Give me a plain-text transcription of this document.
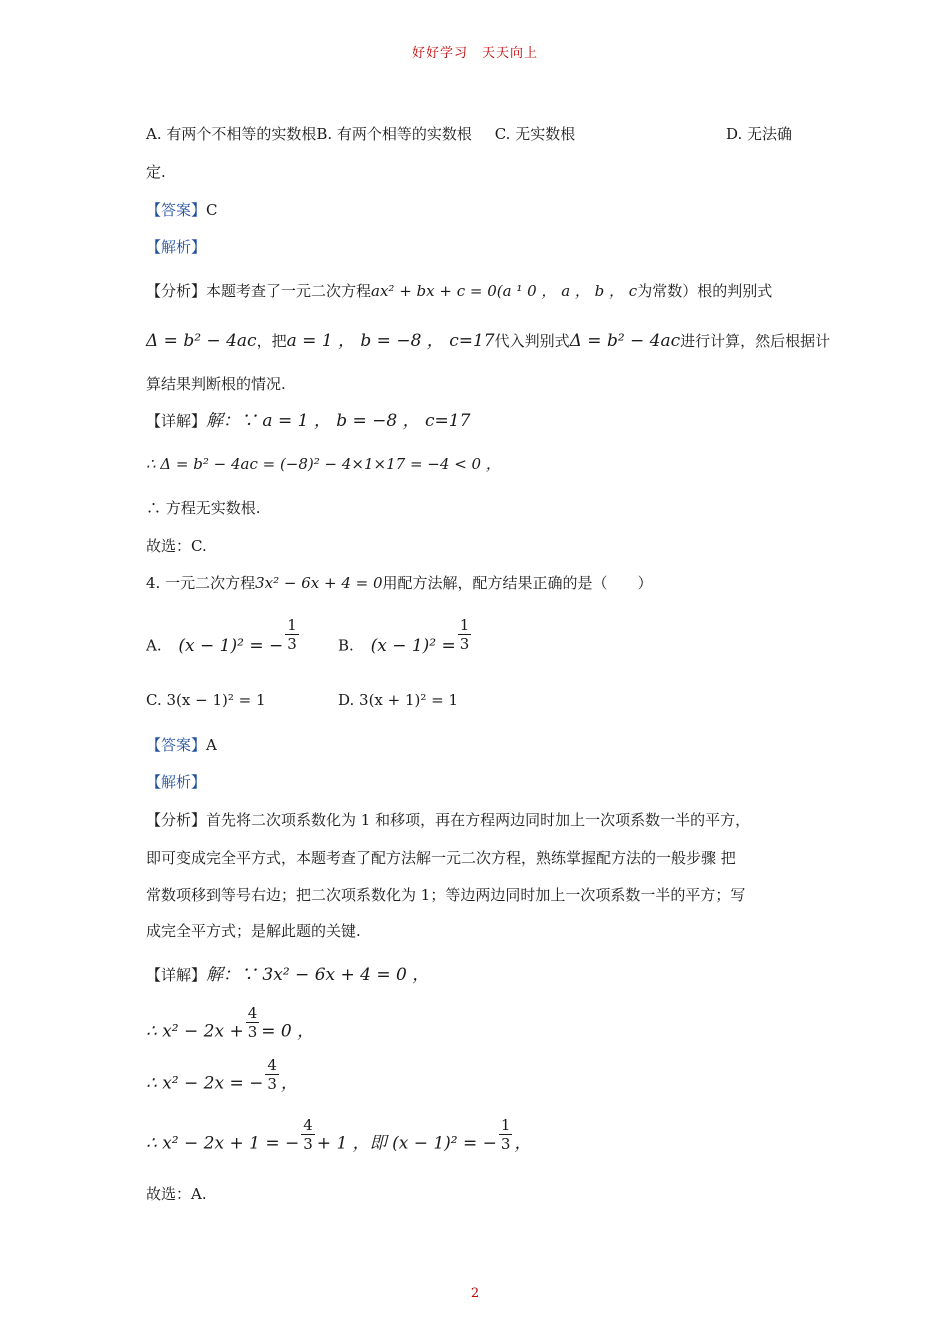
好好学习　天天向上
A. 有两个不相等的实数根B. 有两个相等的实数根 C. 无实数根	D. 无法确
定.
【答案】C
【解析】
【分析】本题考查了一元二次方程ax² + bx + c = 0(a ¹ 0 ， a ， b ， c为常数）根的判别式
Δ = b² − 4ac，把a = 1 ， b = −8 ， c=17代入判别式Δ = b² − 4ac进行计算，然后根据计
算结果判断根的情况.
【详解】解：∵ a = 1 ， b = −8 ， c=17
∴ Δ = b² − 4ac = (−8)² − 4×1×17 = −4 < 0 ，
∴ 方程无实数根.
故选：C.
4. 一元二次方程3x² − 6x + 4 = 0用配方法解，配方结果正确的是（　　）
A. (x − 1)² = − $\frac{1}{3}$	B. $(x - 1)^2 = \frac{1}{3}$
C. 3(x − 1)² = 1	D. 3(x + 1)² = 1
【答案】A
【解析】
【分析】首先将二次项系数化为 1 和移项，再在方程两边同时加上一次项系数一半的平方，
即可变成完全平方式，本题考查了配方法解一元二次方程，熟练掌握配方法的一般步骤 把
常数项移到等号右边；把二次项系数化为 1；等边两边同时加上一次项系数一半的平方；写
成完全平方式；是解此题的关键.
【详解】解：∵ 3x² − 6x + 4 = 0 ，
∴ $x^2 - 2x + \frac{4}{3} = 0$ ，
∴ x² − 2x = − $\frac{4}{3}$ ，
∴ x² − 2x + 1 = − $\frac{4}{3} + 1$ ，即 (x − 1)² = − $\frac{1}{3}$ ，
故选：A.
2
